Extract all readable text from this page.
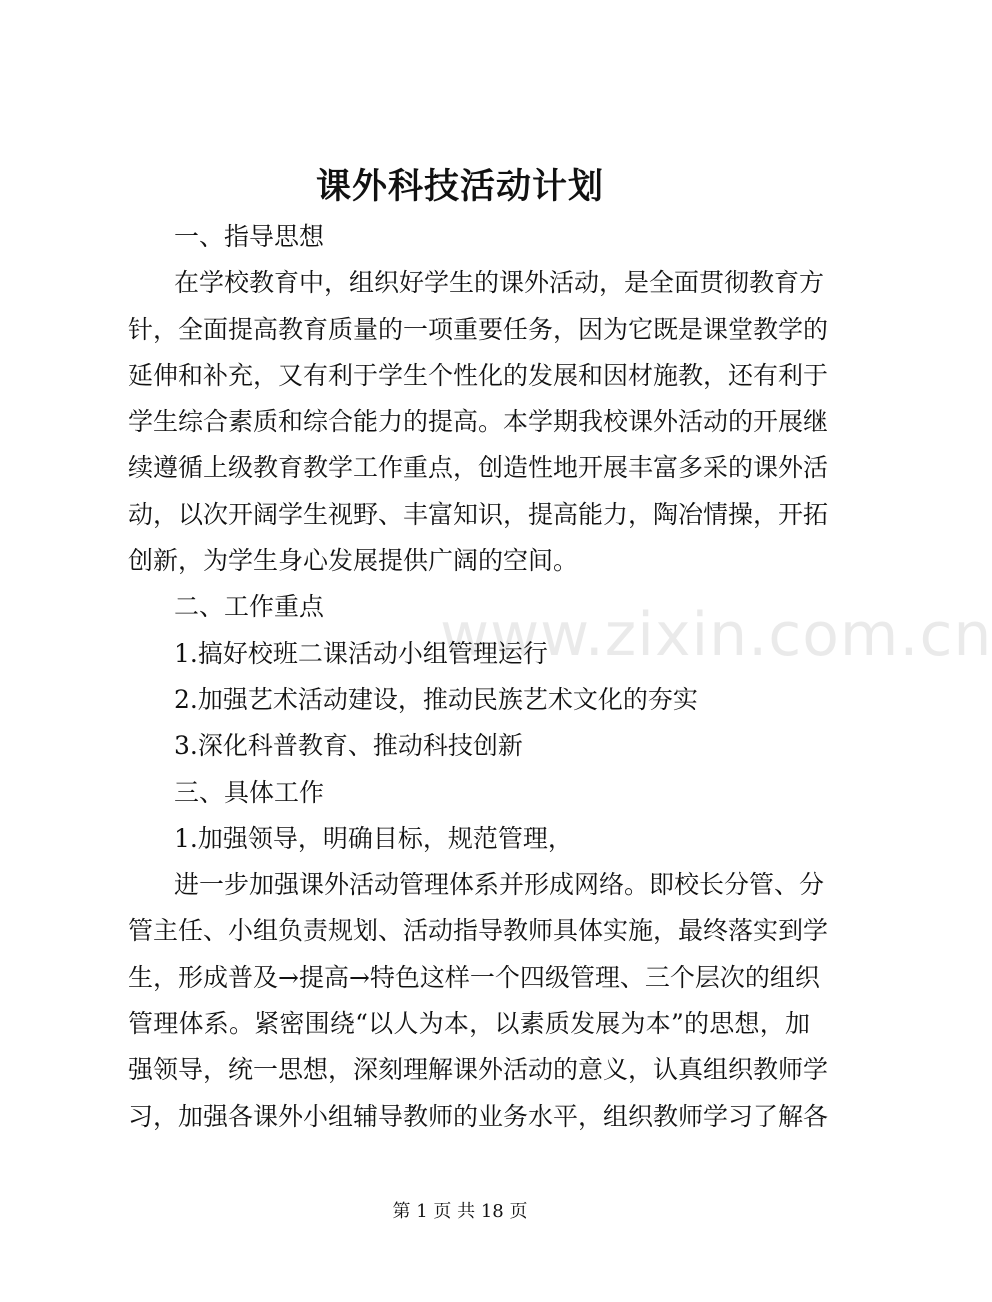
课外科技活动计划
一、指导思想
在学校教育中，组织好学生的课外活动，是全面贯彻教育方
针，全面提高教育质量的一项重要任务，因为它既是课堂教学的
延伸和补充，又有利于学生个性化的发展和因材施教，还有利于
学生综合素质和综合能力的提高。本学期我校课外活动的开展继
续遵循上级教育教学工作重点，创造性地开展丰富多采的课外活
动，以次开阔学生视野、丰富知识，提高能力，陶冶情操，开拓
创新，为学生身心发展提供广阔的空间。
二、工作重点
1.搞好校班二课活动小组管理运行
2.加强艺术活动建设，推动民族艺术文化的夯实
3.深化科普教育、推动科技创新
三、具体工作
1.加强领导，明确目标，规范管理，
进一步加强课外活动管理体系并形成网络。即校长分管、分
管主任、小组负责规划、活动指导教师具体实施，最终落实到学
生，形成普及→提高→特色这样一个四级管理、三个层次的组织
管理体系。紧密围绕“以人为本，以素质发展为本”的思想，加
强领导，统一思想，深刻理解课外活动的意义，认真组织教师学
习，加强各课外小组辅导教师的业务水平，组织教师学习了解各
www.zixin.com.cn
第 1 页 共 18 页
